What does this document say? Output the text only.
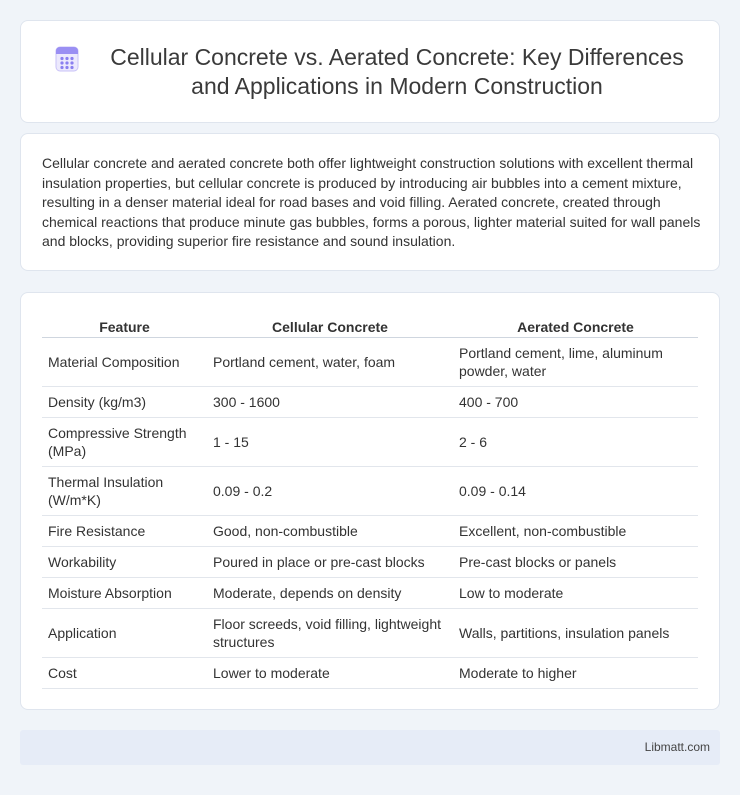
Cellular Concrete vs. Aerated Concrete: Key Differences and Applications in Modern Construction

Cellular concrete and aerated concrete both offer lightweight construction solutions with excellent thermal insulation properties, but cellular concrete is produced by introducing air bubbles into a cement mixture, resulting in a denser material ideal for road bases and void filling. Aerated concrete, created through chemical reactions that produce minute gas bubbles, forms a porous, lighter material suited for wall panels and blocks, providing superior fire resistance and sound insulation.

Feature	Cellular Concrete	Aerated Concrete
Material Composition	Portland cement, water, foam	Portland cement, lime, aluminum powder, water
Density (kg/m3)	300 - 1600	400 - 700
Compressive Strength (MPa)	1 - 15	2 - 6
Thermal Insulation (W/m*K)	0.09 - 0.2	0.09 - 0.14
Fire Resistance	Good, non-combustible	Excellent, non-combustible
Workability	Poured in place or pre-cast blocks	Pre-cast blocks or panels
Moisture Absorption	Moderate, depends on density	Low to moderate
Application	Floor screeds, void filling, lightweight structures	Walls, partitions, insulation panels
Cost	Lower to moderate	Moderate to higher
Libmatt.com
